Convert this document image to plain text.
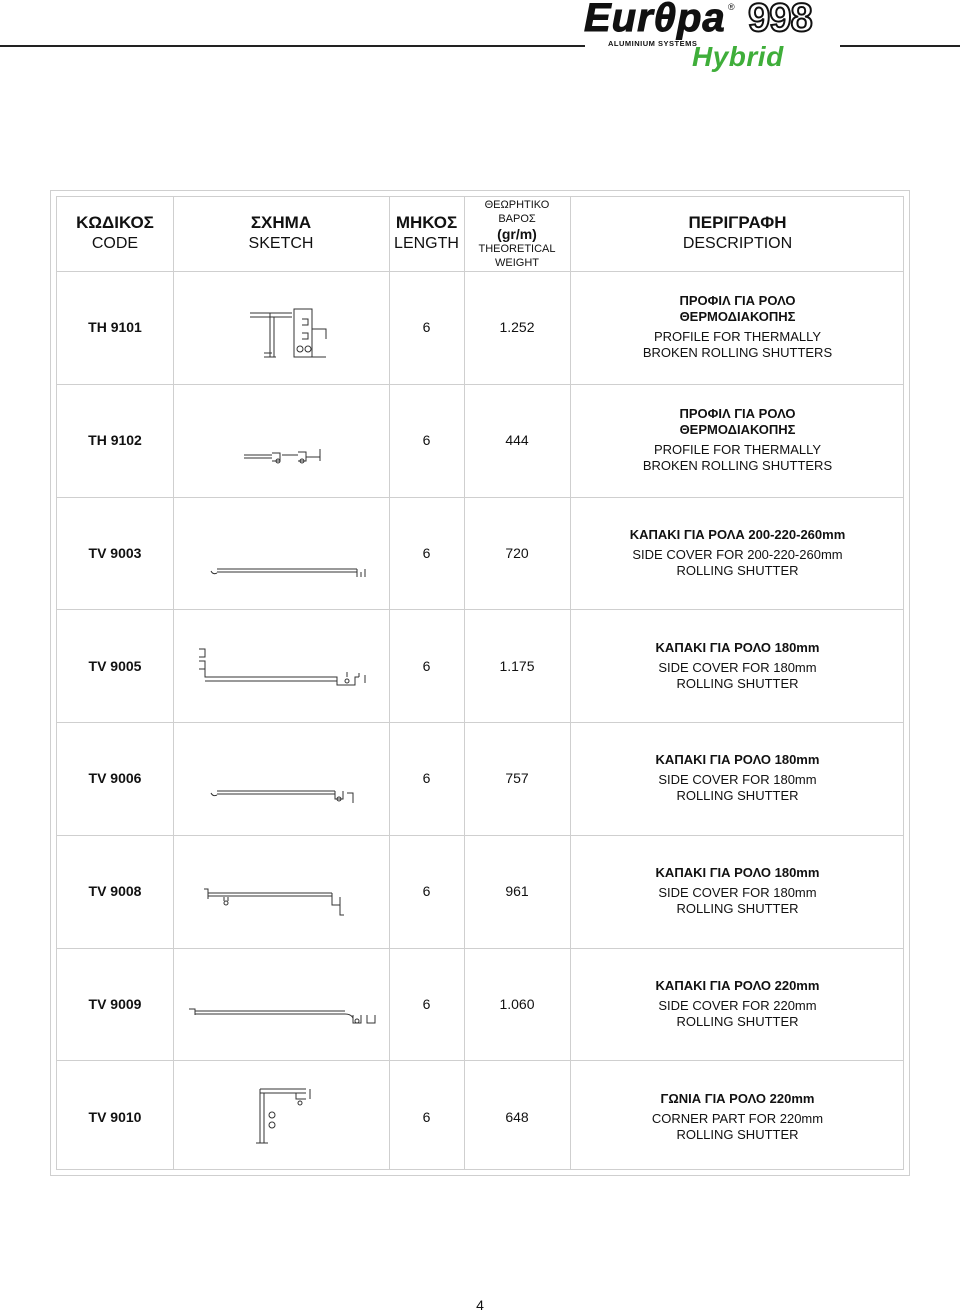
Eurθpa ® 998
ALUMINIUM SYSTEMS
Hybrid
ΚΩΔΙΚΟΣ
CODE
ΣΧΗΜΑ
SKETCH
ΜΗΚΟΣ
LENGTH
ΘΕΩΡΗΤΙΚΟ
ΒΑΡΟΣ
(gr/m)
THEORETICAL
WEIGHT
ΠΕΡΙΓΡΑΦΗ
DESCRIPTION
TH 9101	6	1.252
ΠΡΟΦΙΛ ΓΙΑ ΡΟΛΟ
ΘΕΡΜΟΔΙΑΚΟΠΗΣ
PROFILE FOR THERMALLY
BROKEN ROLLING SHUTTERS
TH 9102	6	444
ΠΡΟΦΙΛ ΓΙΑ ΡΟΛΟ
ΘΕΡΜΟΔΙΑΚΟΠΗΣ
PROFILE FOR THERMALLY
BROKEN ROLLING SHUTTERS
TV 9003	6	720
ΚΑΠΑΚΙ ΓΙΑ ΡΟΛΑ 200-220-260mm
SIDE COVER FOR 200-220-260mm
ROLLING SHUTTER
TV 9005	6	1.175
ΚΑΠΑΚΙ ΓΙΑ ΡΟΛΟ 180mm
SIDE COVER FOR 180mm
ROLLING SHUTTER
TV 9006	6	757
ΚΑΠΑΚΙ ΓΙΑ ΡΟΛΟ 180mm
SIDE COVER FOR 180mm
ROLLING SHUTTER
TV 9008	6	961
ΚΑΠΑΚΙ ΓΙΑ ΡΟΛΟ 180mm
SIDE COVER FOR 180mm
ROLLING SHUTTER
TV 9009	6	1.060
ΚΑΠΑΚΙ ΓΙΑ ΡΟΛΟ 220mm
SIDE COVER FOR 220mm
ROLLING SHUTTER
TV 9010	6	648
ΓΩΝΙΑ ΓΙΑ ΡΟΛΟ 220mm
CORNER PART FOR 220mm
ROLLING SHUTTER
4
